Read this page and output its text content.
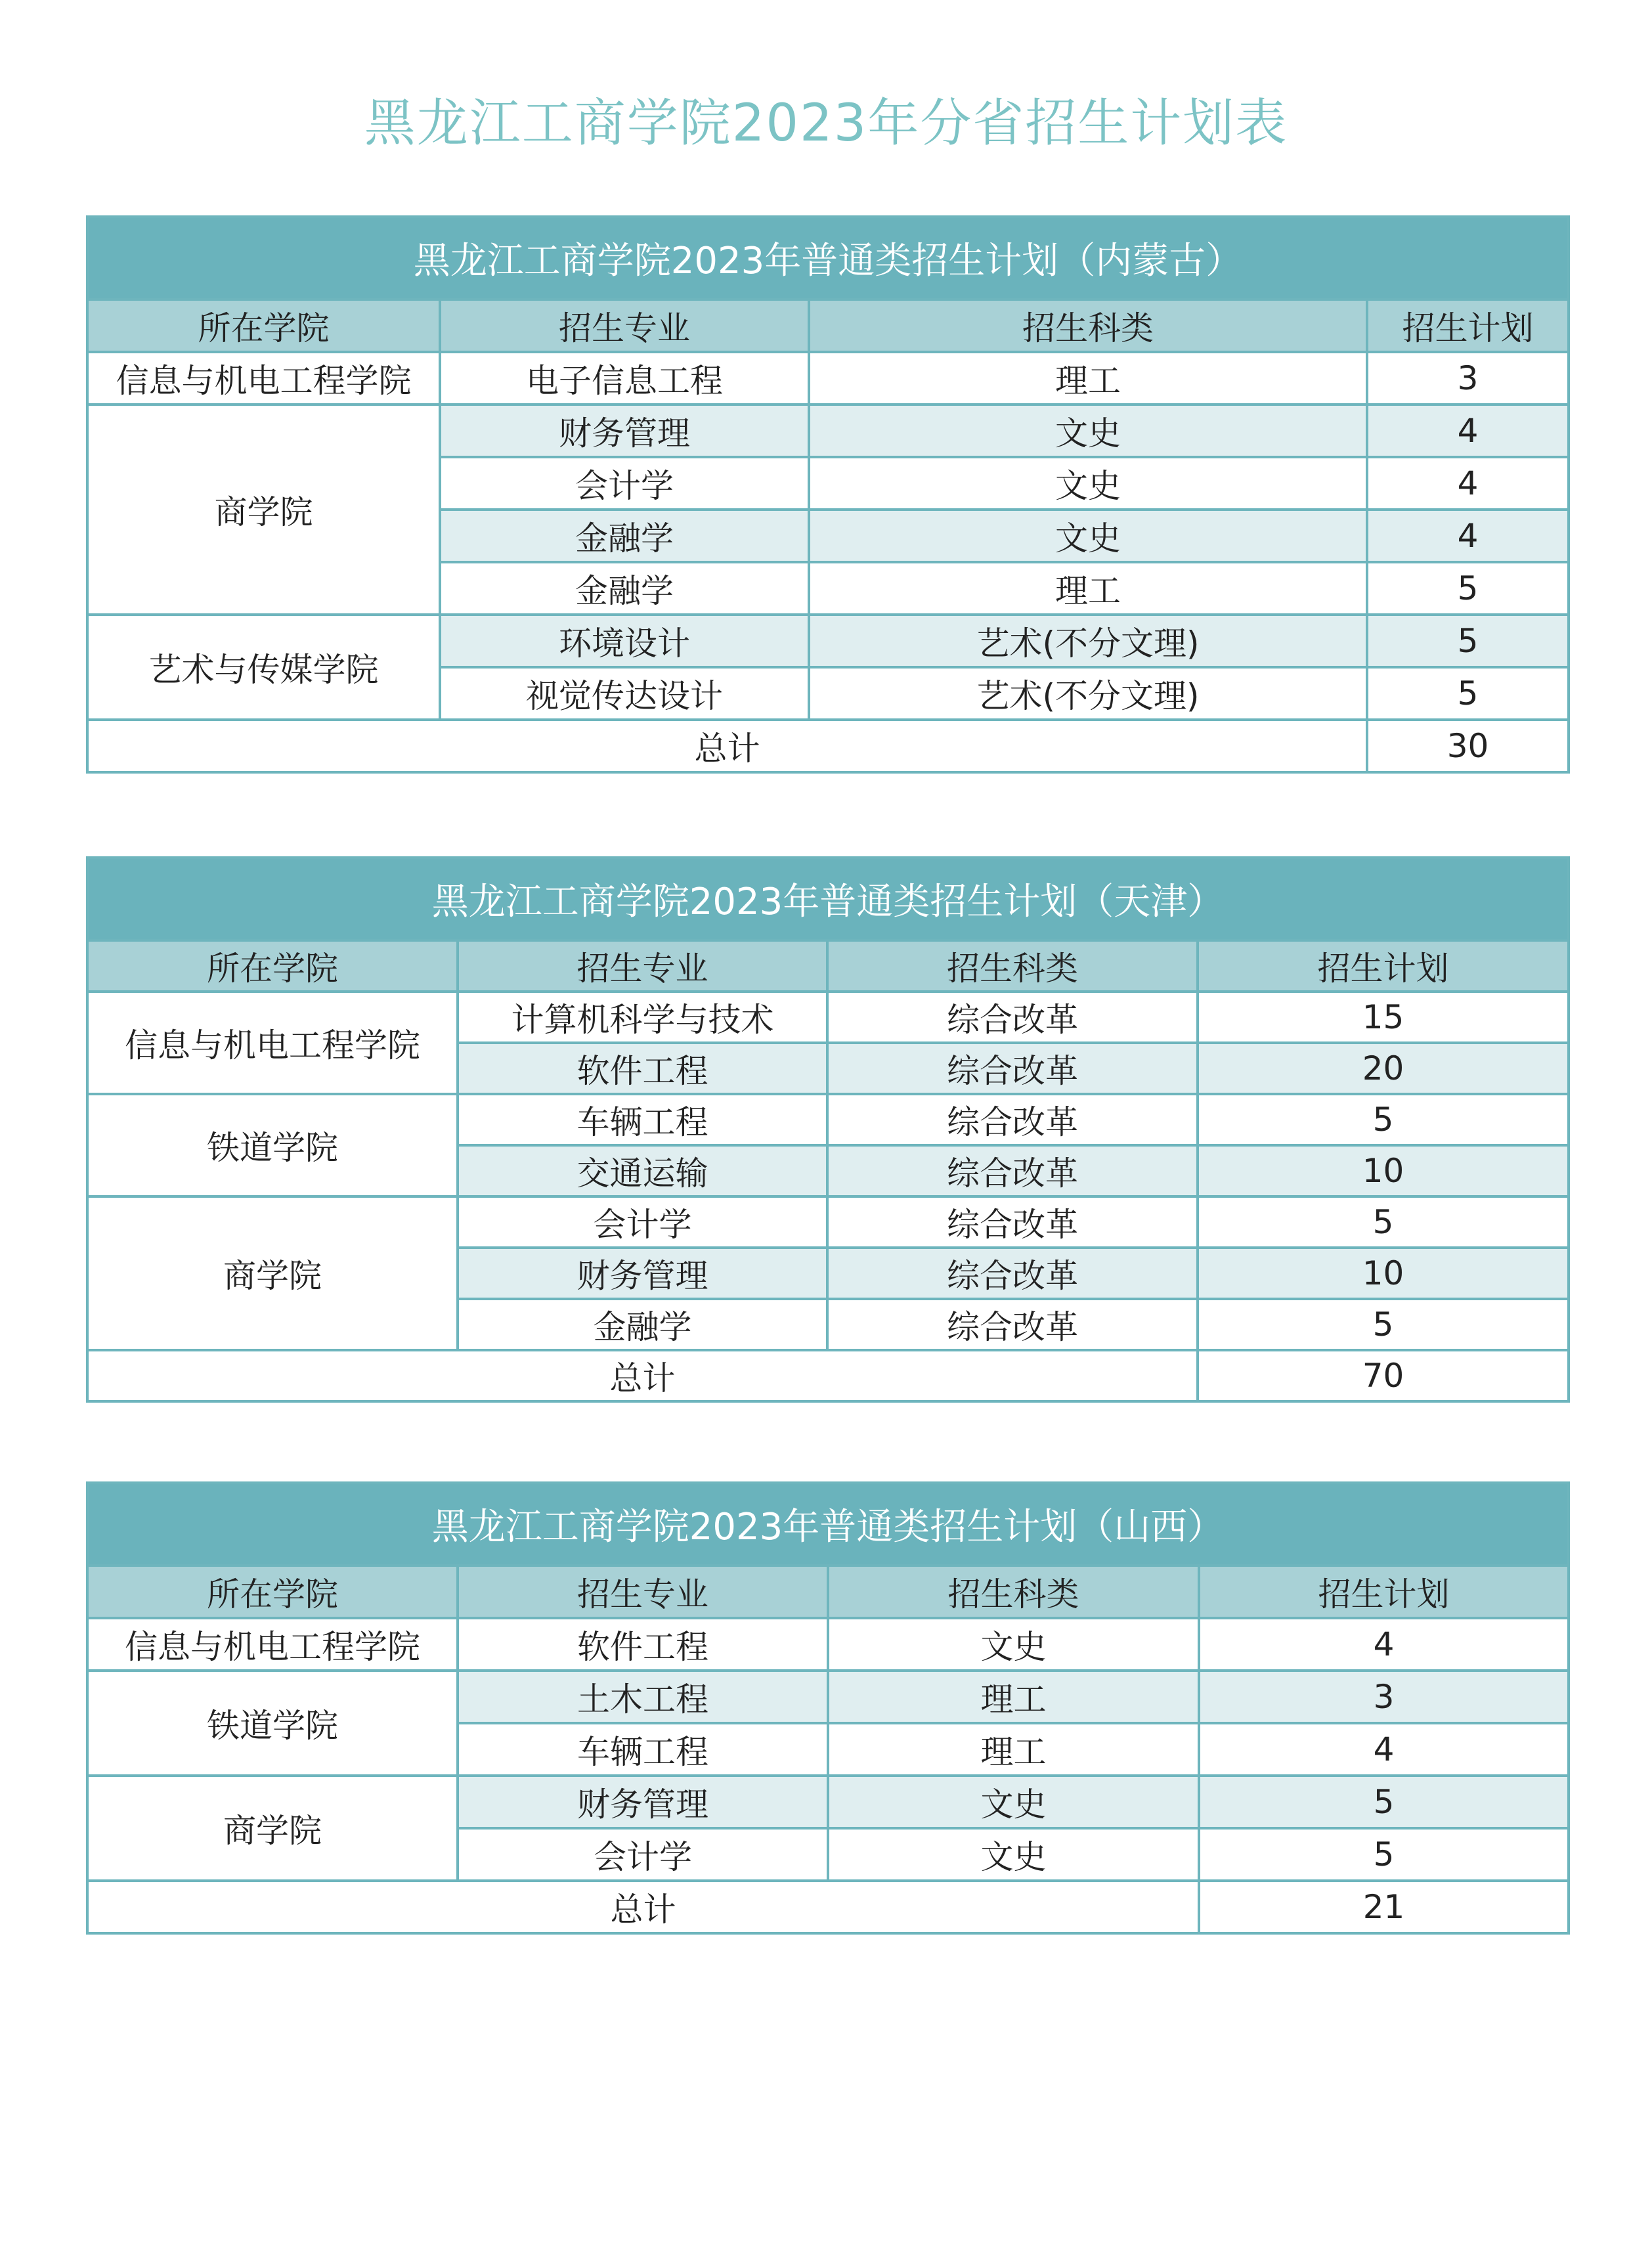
黑龙江工商学院2023年分省招生计划表
黑龙江工商学院2023年普通类招生计划（内蒙古）			
所在学院	招生专业	招生科类	招生计划
信息与机电工程学院	电子信息工程	理工	3
商学院	财务管理	文史	4
	会计学	文史	4
	金融学	文史	4
	金融学	理工	5
艺术与传媒学院	环境设计	艺术(不分文理)	5
	视觉传达设计	艺术(不分文理)	5
总计			30
黑龙江工商学院2023年普通类招生计划（天津）			
所在学院	招生专业	招生科类	招生计划
信息与机电工程学院	计算机科学与技术	综合改革	15
	软件工程	综合改革	20
铁道学院	车辆工程	综合改革	5
	交通运输	综合改革	10
商学院	会计学	综合改革	5
	财务管理	综合改革	10
	金融学	综合改革	5
总计			70
黑龙江工商学院2023年普通类招生计划（山西）			
所在学院	招生专业	招生科类	招生计划
信息与机电工程学院	软件工程	文史	4
铁道学院	土木工程	理工	3
	车辆工程	理工	4
商学院	财务管理	文史	5
	会计学	文史	5
总计			21
